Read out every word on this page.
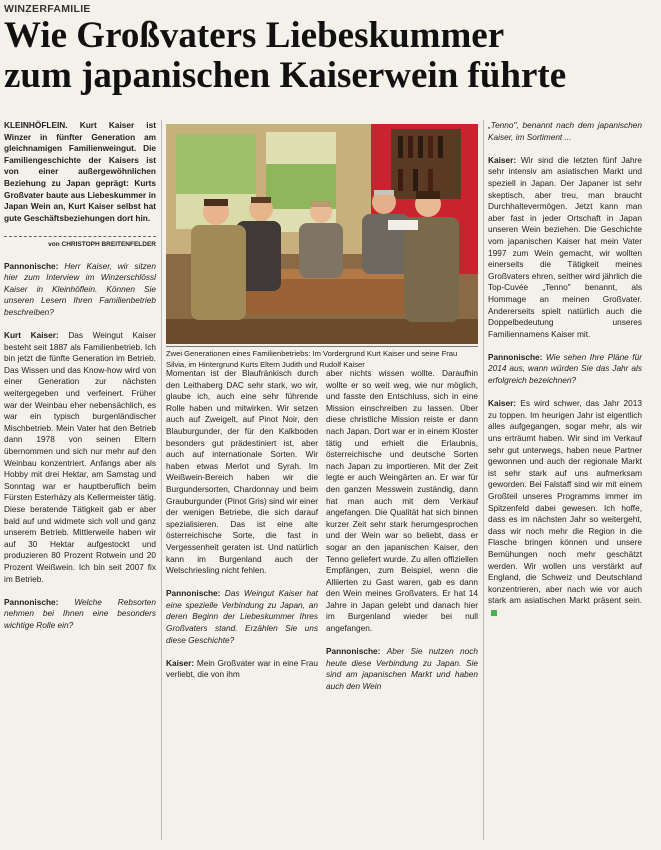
WINZERFAMILIE
Wie Großvaters Liebeskummer
zum japanischen Kaiserwein führte

KLEINHÖFLEIN. Kurt Kaiser ist Winzer in fünfter Generation am gleichnamigen Familienweingut. Die Familiengeschichte der Kaisers ist von einer außergewöhnlichen Beziehung zu Japan geprägt: Kurts Großvater baute aus Liebeskummer in Japan Wein an, Kurt Kaiser selbst hat gute Geschäftsbeziehungen dort hin.

von CHRISTOPH BREITENFELDER

Pannonische: Herr Kaiser, wir sitzen hier zum Interview im Winzerschlössl Kaiser in Kleinhöflein. Können Sie unseren Lesern Ihren Familienbetrieb beschreiben?

Kurt Kaiser: Das Weingut Kaiser besteht seit 1887 als Familienbetrieb. Ich bin jetzt die fünfte Generation im Betrieb. Das Wissen und das Know-how wird von einer Generation zur nächsten weitergegeben und verfeinert. Früher war der Weinbau eher nebensächlich, es war ein typisch burgenländischer Mischbetrieb. Mein Vater hat den Betrieb dann 1978 von seinen Eltern übernommen und sich nur mehr auf den Weinbau konzentriert. Anfangs aber als Hobby mit drei Hektar, am Samstag und Sonntag war er hauptberuflich beim Fürsten Esterházy als Kellermeister tätig. Diese beratende Tätigkeit gab er aber bald auf und widmete sich voll und ganz unserem Betrieb. Mittlerweile haben wir auf 30 Hektar aufgestockt und produzieren 80 Prozent Rotwein und 20 Prozent Weißwein. Ich bin seit 2007 fix im Betrieb.

Pannonische: Welche Rebsorten nehmen bei Ihnen eine besonders wichtige Rolle ein?

Zwei Generationen eines Familienbetriebs: Im Vordergrund Kurt Kaiser und seine Frau Silvia, im Hintergrund Kurts Eltern Judith und Rudolf Kaiser

Momentan ist der Blaufränkisch durch den Leithaberg DAC sehr stark, wo wir, glaube ich, auch eine sehr führende Rolle haben und mitwirken. Wir setzen auch auf Zweigelt, auf Pinot Noir, den Blauburgunder, der für den Kalkboden besonders gut prädestiniert ist, aber auch auf internationale Sorten. Wir haben etwas Merlot und Syrah. Im Weißwein-Bereich haben wir die Burgundersorten, Chardonnay und beim Grauburgunder (Pinot Gris) sind wir einer der wenigen Betriebe, die sich darauf spezialisieren. Das ist eine alte österreichische Sorte, die fast in Vergessenheit geraten ist. Und natürlich kann im Burgenland auch der Welschriesling nicht fehlen.

Pannonische: Das Weingut Kaiser hat eine spezielle Verbindung zu Japan, an deren Beginn der Liebeskummer Ihres Großvaters stand. Erzählen Sie uns diese Geschichte?

Kaiser: Mein Großvater war in eine Frau verliebt, die von ihm

aber nichts wissen wollte. Daraufhin wollte er so weit weg, wie nur möglich, und fasste den Entschluss, sich in eine Mission einschreiben zu lassen. Über diese christliche Mission reiste er dann nach Japan. Dort war er in einem Kloster tätig und erhielt die Erlaubnis, österreichische und deutsche Sorten nach Japan zu importieren. Mit der Zeit legte er auch Weingärten an. Er war für den ganzen Messwein zuständig, dann hat man auch mit dem Verkauf angefangen. Die Qualität hat sich binnen kurzer Zeit sehr stark herumgesprochen und der Wein war so beliebt, dass er sogar an den japanischen Kaiser, den Tenno geliefert wurde. Zu allen offiziellen Empfängen, zum Beispiel, wenn die Alliierten zu Gast waren, gab es dann den Wein meines Großvaters. Er hat 14 Jahre in Japan gelebt und danach hier im Burgenland wieder bei null angefangen.

Pannonische: Aber Sie nutzen noch heute diese Verbindung zu Japan. Sie sind am japanischen Markt und haben auch den Wein

„Tenno", benannt nach dem japanischen Kaiser, im Sortiment ...

Kaiser: Wir sind die letzten fünf Jahre sehr intensiv am asiatischen Markt und speziell in Japan. Der Japaner ist sehr skeptisch, aber treu, man braucht Durchhaltevermögen. Jetzt kann man aber fast in jeder Ortschaft in Japan unseren Wein beziehen. Die Geschichte vom japanischen Kaiser hat mein Vater 1997 zum Wein gemacht, wir wollten einerseits die Tätigkeit meines Großvaters ehren, seither wird jährlich die Top-Cuvée „Tenno" benannt, als Hommage an meinen Großvater. Andererseits spielt natürlich auch die Doppelbedeutung unseres Familiennamens Kaiser mit.

Pannonische: Wie sehen Ihre Pläne für 2014 aus, wann würden Sie das Jahr als erfolgreich bezeichnen?

Kaiser: Es wird schwer, das Jahr 2013 zu toppen. Im heurigen Jahr ist eigentlich alles aufgegangen, sogar mehr, als wir uns erträumt haben. Wir sind im Verkauf sehr gut unterwegs, haben neue Partner gewonnen und auch der regionale Markt ist sehr stark auf uns aufmerksam geworden. Bei Falstaff sind wir mit einem Großteil unseres Programms immer im Spitzenfeld dabei gewesen. Ich hoffe, dass es im nächsten Jahr so weitergeht, dass wir noch mehr die Region in die Flasche bringen können und unsere Bemühungen noch mehr geschätzt werden. Wir wollen uns verstärkt auf England, die Schweiz und Deutschland konzentrieren, aber nach wie vor auch stark am asiatischen Markt präsent sein.
